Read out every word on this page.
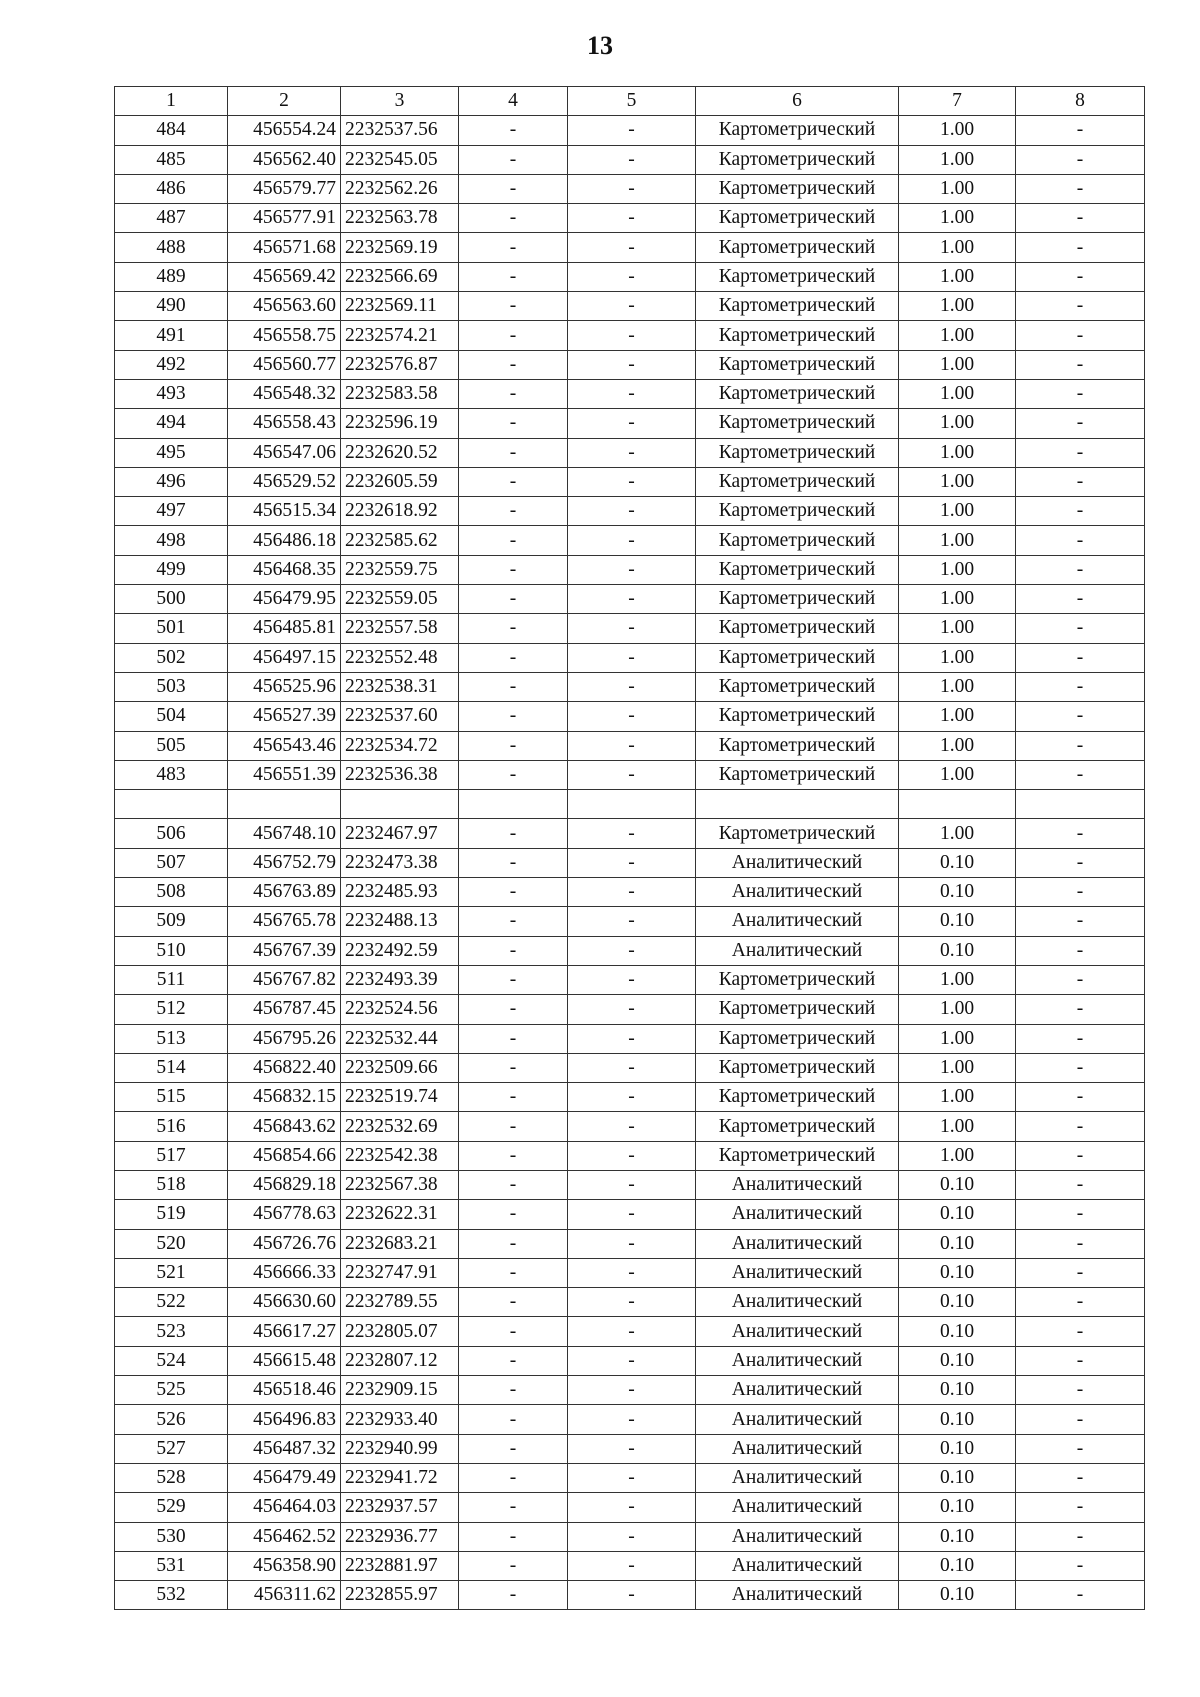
13
1	2	3	4	5	6	7	8
484	456554.24	2232537.56	-	-	Картометрический	1.00	-
485	456562.40	2232545.05	-	-	Картометрический	1.00	-
486	456579.77	2232562.26	-	-	Картометрический	1.00	-
487	456577.91	2232563.78	-	-	Картометрический	1.00	-
488	456571.68	2232569.19	-	-	Картометрический	1.00	-
489	456569.42	2232566.69	-	-	Картометрический	1.00	-
490	456563.60	2232569.11	-	-	Картометрический	1.00	-
491	456558.75	2232574.21	-	-	Картометрический	1.00	-
492	456560.77	2232576.87	-	-	Картометрический	1.00	-
493	456548.32	2232583.58	-	-	Картометрический	1.00	-
494	456558.43	2232596.19	-	-	Картометрический	1.00	-
495	456547.06	2232620.52	-	-	Картометрический	1.00	-
496	456529.52	2232605.59	-	-	Картометрический	1.00	-
497	456515.34	2232618.92	-	-	Картометрический	1.00	-
498	456486.18	2232585.62	-	-	Картометрический	1.00	-
499	456468.35	2232559.75	-	-	Картометрический	1.00	-
500	456479.95	2232559.05	-	-	Картометрический	1.00	-
501	456485.81	2232557.58	-	-	Картометрический	1.00	-
502	456497.15	2232552.48	-	-	Картометрический	1.00	-
503	456525.96	2232538.31	-	-	Картометрический	1.00	-
504	456527.39	2232537.60	-	-	Картометрический	1.00	-
505	456543.46	2232534.72	-	-	Картометрический	1.00	-
483	456551.39	2232536.38	-	-	Картометрический	1.00	-

506	456748.10	2232467.97	-	-	Картометрический	1.00	-
507	456752.79	2232473.38	-	-	Аналитический	0.10	-
508	456763.89	2232485.93	-	-	Аналитический	0.10	-
509	456765.78	2232488.13	-	-	Аналитический	0.10	-
510	456767.39	2232492.59	-	-	Аналитический	0.10	-
511	456767.82	2232493.39	-	-	Картометрический	1.00	-
512	456787.45	2232524.56	-	-	Картометрический	1.00	-
513	456795.26	2232532.44	-	-	Картометрический	1.00	-
514	456822.40	2232509.66	-	-	Картометрический	1.00	-
515	456832.15	2232519.74	-	-	Картометрический	1.00	-
516	456843.62	2232532.69	-	-	Картометрический	1.00	-
517	456854.66	2232542.38	-	-	Картометрический	1.00	-
518	456829.18	2232567.38	-	-	Аналитический	0.10	-
519	456778.63	2232622.31	-	-	Аналитический	0.10	-
520	456726.76	2232683.21	-	-	Аналитический	0.10	-
521	456666.33	2232747.91	-	-	Аналитический	0.10	-
522	456630.60	2232789.55	-	-	Аналитический	0.10	-
523	456617.27	2232805.07	-	-	Аналитический	0.10	-
524	456615.48	2232807.12	-	-	Аналитический	0.10	-
525	456518.46	2232909.15	-	-	Аналитический	0.10	-
526	456496.83	2232933.40	-	-	Аналитический	0.10	-
527	456487.32	2232940.99	-	-	Аналитический	0.10	-
528	456479.49	2232941.72	-	-	Аналитический	0.10	-
529	456464.03	2232937.57	-	-	Аналитический	0.10	-
530	456462.52	2232936.77	-	-	Аналитический	0.10	-
531	456358.90	2232881.97	-	-	Аналитический	0.10	-
532	456311.62	2232855.97	-	-	Аналитический	0.10	-
